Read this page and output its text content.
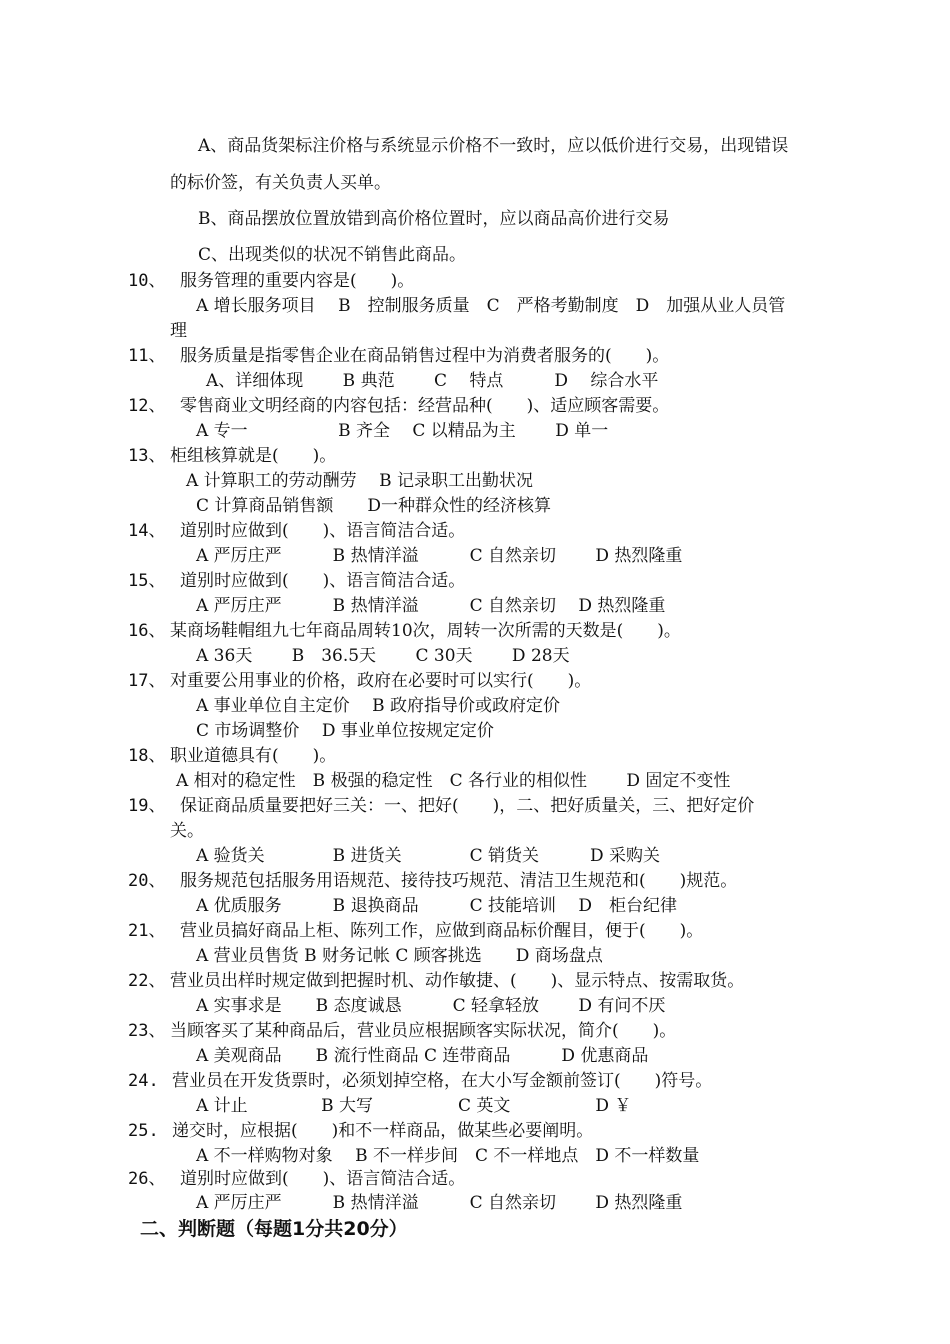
A、商品货架标注价格与系统显示价格不一致时，应以低价进行交易，出现错误
的标价签，有关负责人买单。
B、商品摆放位置放错到高价格位置时，应以商品高价进行交易
C、出现类似的状况不销售此商品。
10、 服务管理的重要内容是(　　)。
A 增长服务项目　 B　控制服务质量　C　严格考勤制度　D　加强从业人员管
理
11、 服务质量是指零售企业在商品销售过程中为消费者服务的(　　)。
A、详细体现　　 B 典范　　 C　 特点　　　D　 综合水平
12、 零售商业文明经商的内容包括：经营品种(　　)、适应顾客需要。
A 专一　　　　　 B 齐全　 C 以精品为主　　 D 单一
13、 柜组核算就是(　　)。
A 计算职工的劳动酬劳　 B 记录职工出勤状况
C 计算商品销售额　　D一种群众性的经济核算
14、 道别时应做到(　　)、语言简洁合适。
A 严厉庄严　　　B 热情洋溢　　　C 自然亲切　　 D 热烈隆重
15、 道别时应做到(　　)、语言简洁合适。
A 严厉庄严　　　B 热情洋溢　　　C 自然亲切　 D 热烈隆重
16、 某商场鞋帽组九七年商品周转10次，周转一次所需的天数是(　　)。
A 36天　　 B　36.5天　　 C 30天　　 D 28天
17、 对重要公用事业的价格，政府在必要时可以实行(　　)。
A 事业单位自主定价　 B 政府指导价或政府定价
C 市场调整价　 D 事业单位按规定定价
18、 职业道德具有(　　)。
A 相对的稳定性　B 极强的稳定性　C 各行业的相似性　　 D 固定不变性
19、 保证商品质量要把好三关：一、把好(　　)，二、把好质量关，三、把好定价
关。
A 验货关　　　　B 进货关　　　　C 销货关　　　D 采购关
20、 服务规范包括服务用语规范、接待技巧规范、清洁卫生规范和(　　)规范。
A 优质服务　　　B 退换商品　　　C 技能培训　 D　柜台纪律
21、 营业员搞好商品上柜、陈列工作，应做到商品标价醒目，便于(　　)。
A 营业员售货 B 财务记帐 C 顾客挑选　　D 商场盘点
22、 营业员出样时规定做到把握时机、动作敏捷、(　　)、显示特点、按需取货。
A 实事求是　　B 态度诚恳　　　C 轻拿轻放　　 D 有问不厌
23、 当顾客买了某种商品后，营业员应根据顾客实际状况，简介(　　)。
A 美观商品　　B 流行性商品 C 连带商品　　　D 优惠商品
24. 营业员在开发货票时，必须划掉空格，在大小写金额前签订(　　)符号。
A 计止　　　　 B 大写　　　　　C 英文　　　　　D ￥
25. 递交时，应根据(　　)和不一样商品，做某些必要阐明。
A 不一样购物对象　 B 不一样步间　C 不一样地点　D 不一样数量
26、 道别时应做到(　　)、语言简洁合适。
A 严厉庄严　　　B 热情洋溢　　　C 自然亲切　　 D 热烈隆重
二、判断题（每题1分共20分）
